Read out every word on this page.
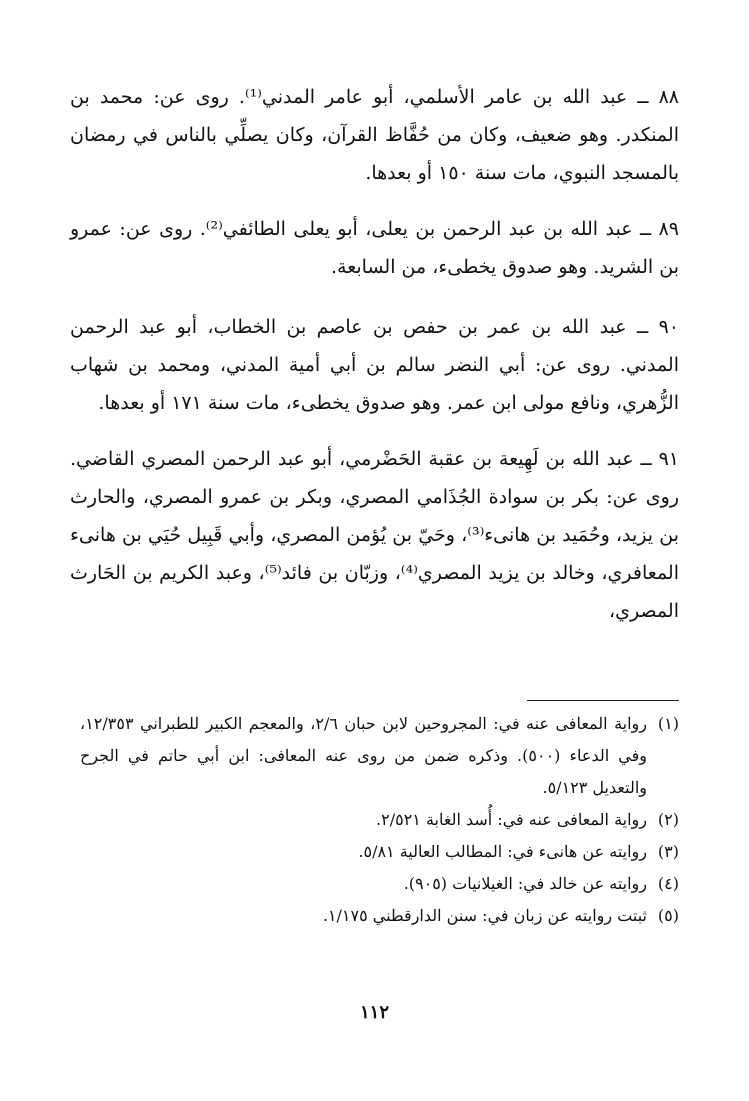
٨٨ ــ عبد الله بن عامر الأسلمي، أبو عامر المدني⁽¹⁾. روى عن: محمد بن المنكدر. وهو ضعيف، وكان من حُفَّاظ القرآن، وكان يصلِّي بالناس في رمضان بالمسجد النبوي، مات سنة ١٥٠ أو بعدها.

٨٩ ــ عبد الله بن عبد الرحمن بن يعلى، أبو يعلى الطائفي⁽²⁾. روى عن: عمرو بن الشريد. وهو صدوق يخطىء، من السابعة.

٩٠ ــ عبد الله بن عمر بن حفص بن عاصم بن الخطاب، أبو عبد الرحمن المدني. روى عن: أبي النضر سالم بن أبي أمية المدني، ومحمد بن شهاب الزُّهري، ونافع مولى ابن عمر. وهو صدوق يخطىء، مات سنة ١٧١ أو بعدها.

٩١ ــ عبد الله بن لَهِيعة بن عقبة الحَضْرمي، أبو عبد الرحمن المصري القاضي. روى عن: بكر بن سوادة الجُذَامي المصري، وبكر بن عمرو المصري، والحارث بن يزيد، وحُمَيد بن هانىء⁽³⁾، وحَيّ بن يُؤمن المصري، وأبي قَبِيل حُيَي بن هانىء المعافري، وخالد بن يزيد المصري⁽⁴⁾، وزبّان بن فائد⁽⁵⁾، وعبد الكريم بن الحَارث المصري،

(١)
رواية المعافى عنه في: المجروحين لابن حبان ٢/٦، والمعجم الكبير للطبراني ١٢/٣٥٣، وفي الدعاء (٥٠٠). وذكره ضمن من روى عنه المعافى: ابن أبي حاتم في الجرح والتعديل ٥/١٢٣.
(٢)
رواية المعافى عنه في: أُسد الغابة ٢/٥٢١.
(٣)
روايته عن هانىء في: المطالب العالية ٥/٨١.
(٤)
روايته عن خالد في: الغيلانيات (٩٠٥).
(٥)
ثبتت روايته عن زبان في: سنن الدارقطني ١/١٧٥.
١١٢
